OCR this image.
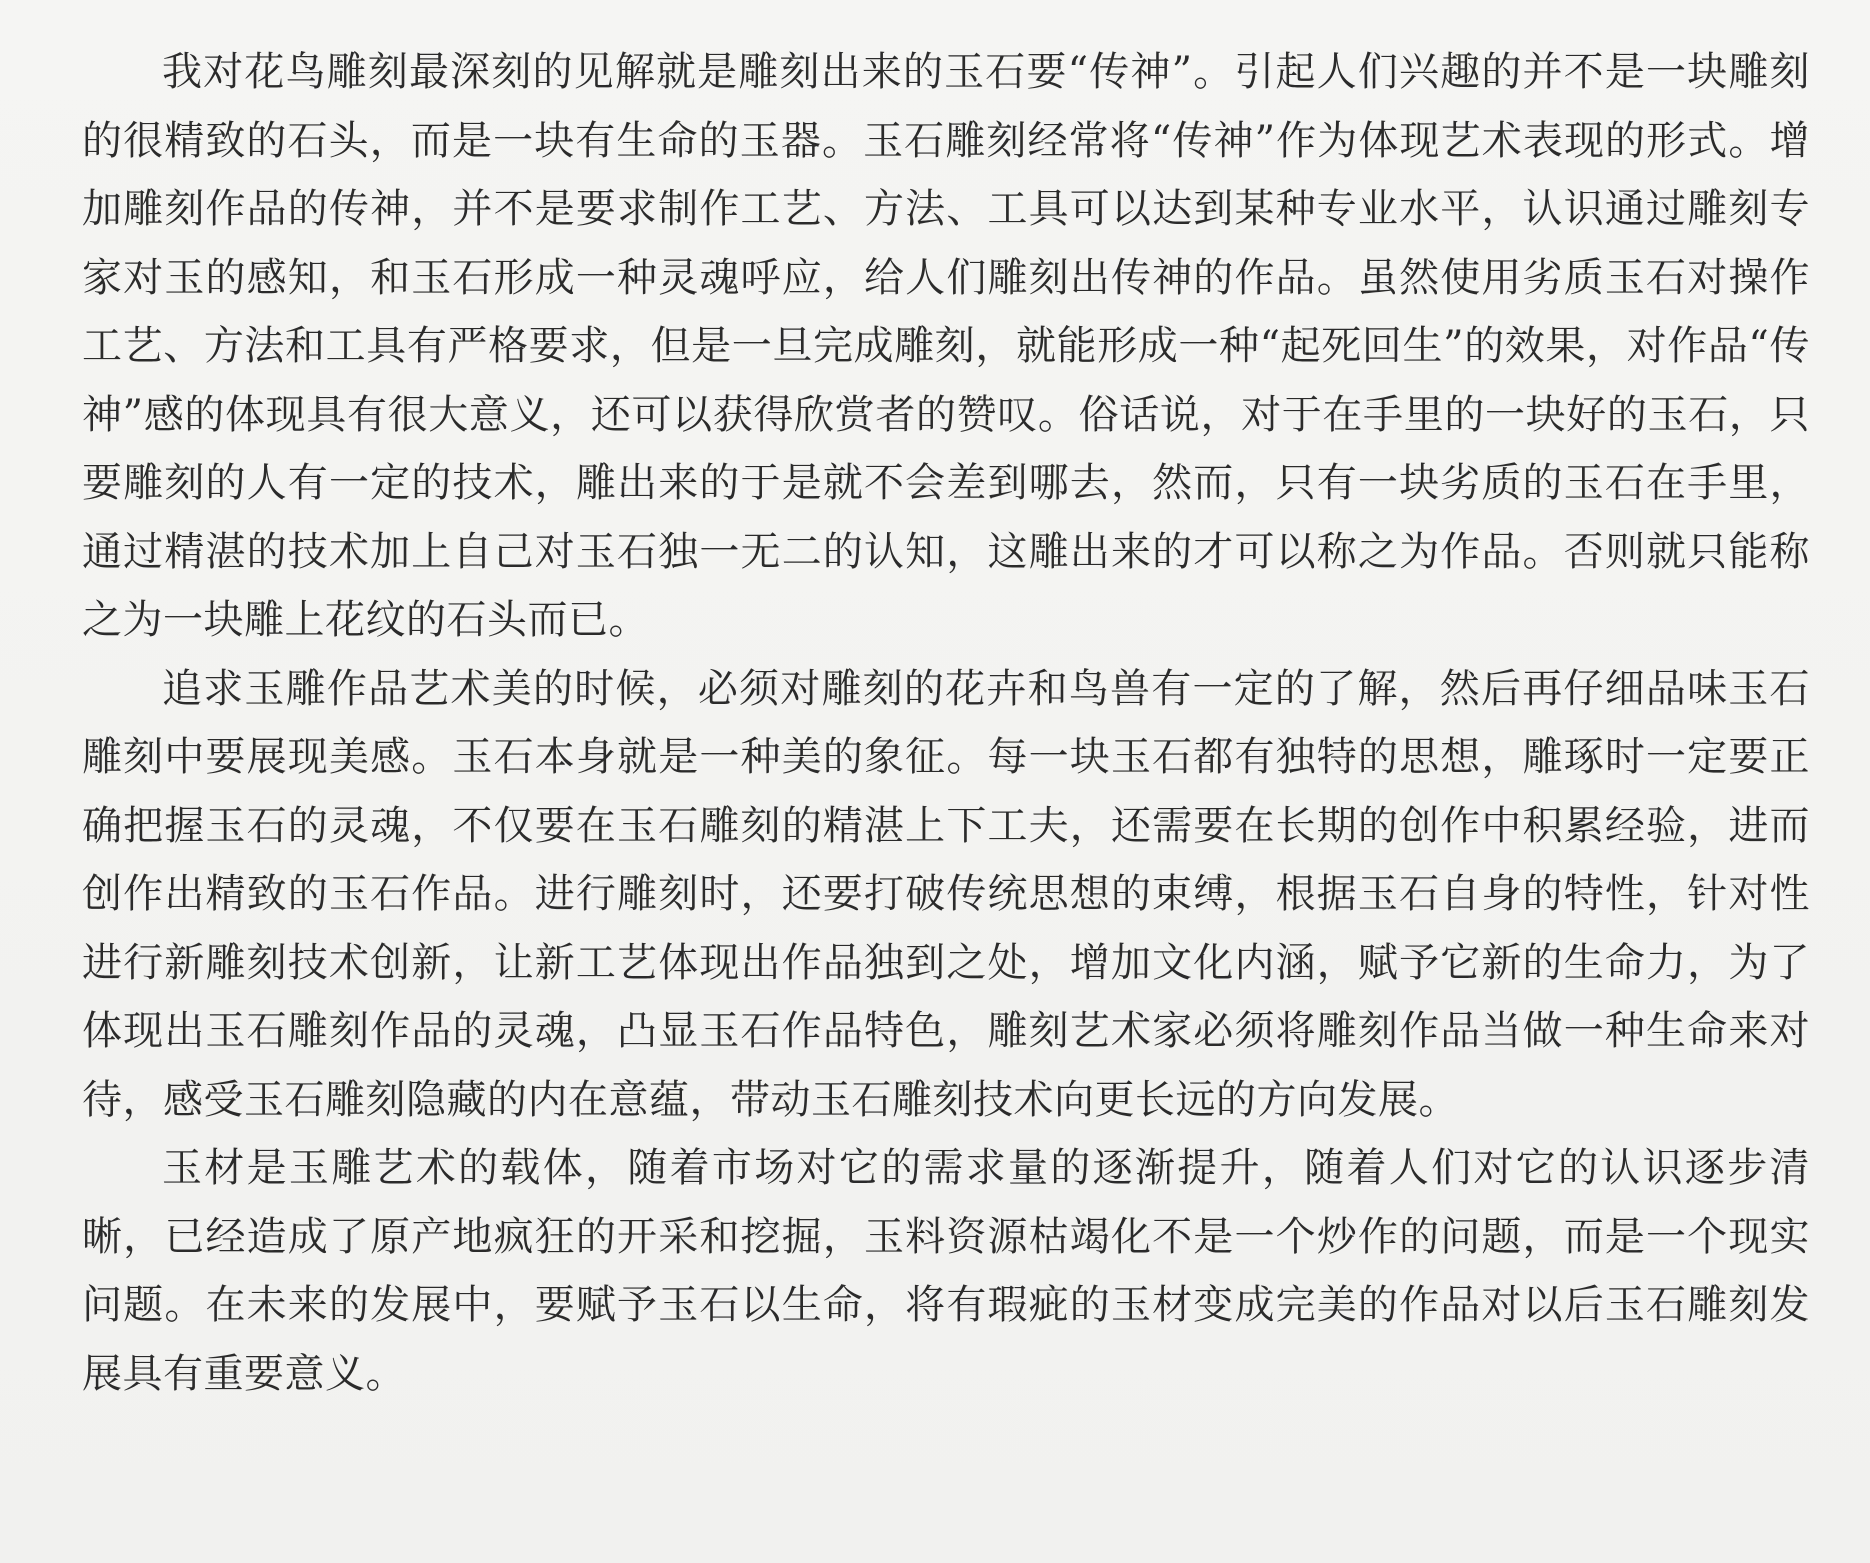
我对花鸟雕刻最深刻的见解就是雕刻出来的玉石要“传神”。引起人们兴趣的并不是一块雕刻的很精致的石头，而是一块有生命的玉器。玉石雕刻经常将“传神”作为体现艺术表现的形式。增加雕刻作品的传神，并不是要求制作工艺、方法、工具可以达到某种专业水平，认识通过雕刻专家对玉的感知，和玉石形成一种灵魂呼应，给人们雕刻出传神的作品。虽然使用劣质玉石对操作工艺、方法和工具有严格要求，但是一旦完成雕刻，就能形成一种“起死回生”的效果，对作品“传神”感的体现具有很大意义，还可以获得欣赏者的赞叹。俗话说，对于在手里的一块好的玉石，只要雕刻的人有一定的技术，雕出来的于是就不会差到哪去，然而，只有一块劣质的玉石在手里，通过精湛的技术加上自己对玉石独一无二的认知，这雕出来的才可以称之为作品。否则就只能称之为一块雕上花纹的石头而已。

追求玉雕作品艺术美的时候，必须对雕刻的花卉和鸟兽有一定的了解，然后再仔细品味玉石雕刻中要展现美感。玉石本身就是一种美的象征。每一块玉石都有独特的思想，雕琢时一定要正确把握玉石的灵魂，不仅要在玉石雕刻的精湛上下工夫，还需要在长期的创作中积累经验，进而创作出精致的玉石作品。进行雕刻时，还要打破传统思想的束缚，根据玉石自身的特性，针对性进行新雕刻技术创新，让新工艺体现出作品独到之处，增加文化内涵，赋予它新的生命力，为了体现出玉石雕刻作品的灵魂，凸显玉石作品特色，雕刻艺术家必须将雕刻作品当做一种生命来对待，感受玉石雕刻隐藏的内在意蕴，带动玉石雕刻技术向更长远的方向发展。

玉材是玉雕艺术的载体，随着市场对它的需求量的逐渐提升，随着人们对它的认识逐步清晰，已经造成了原产地疯狂的开采和挖掘，玉料资源枯竭化不是一个炒作的问题，而是一个现实问题。在未来的发展中，要赋予玉石以生命，将有瑕疵的玉材变成完美的作品对以后玉石雕刻发展具有重要意义。
